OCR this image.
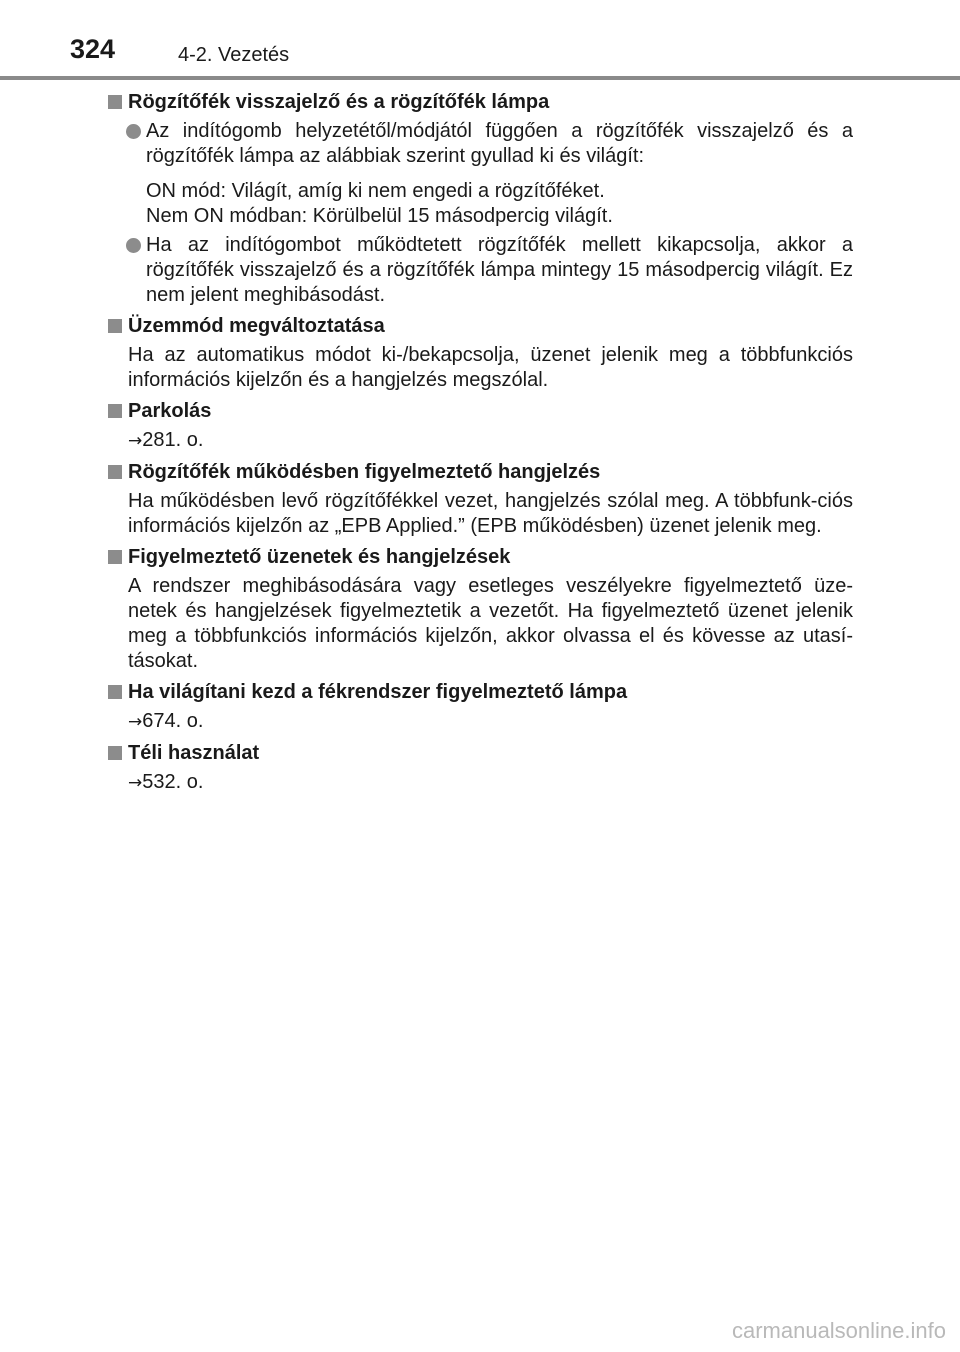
324	4-2. Vezetés
Rögzítőfék visszajelző és a rögzítőfék lámpa
Az indítógomb helyzetétől/módjától függően a rögzítőfék visszajelző és a rögzítőfék lámpa az alábbiak szerint gyullad ki és világít:
ON mód: Világít, amíg ki nem engedi a rögzítőféket.
Nem ON módban: Körülbelül 15 másodpercig világít.
Ha az indítógombot működtetett rögzítőfék mellett kikapcsolja, akkor a rögzítőfék visszajelző és a rögzítőfék lámpa mintegy 15 másodpercig világít. Ez nem jelent meghibásodást.
Üzemmód megváltoztatása
Ha az automatikus módot ki-/bekapcsolja, üzenet jelenik meg a többfunkciós információs kijelzőn és a hangjelzés megszólal.
Parkolás
→281. o.
Rögzítőfék működésben figyelmeztető hangjelzés
Ha működésben levő rögzítőfékkel vezet, hangjelzés szólal meg. A többfunk-ciós információs kijelzőn az „EPB Applied.” (EPB működésben) üzenet jelenik meg.
Figyelmeztető üzenetek és hangjelzések
A rendszer meghibásodására vagy esetleges veszélyekre figyelmeztető üze-netek és hangjelzések figyelmeztetik a vezetőt. Ha figyelmeztető üzenet jelenik meg a többfunkciós információs kijelzőn, akkor olvassa el és kövesse az utasí-tásokat.
Ha világítani kezd a fékrendszer figyelmeztető lámpa
→674. o.
Téli használat
→532. o.
carmanualsonline.info
